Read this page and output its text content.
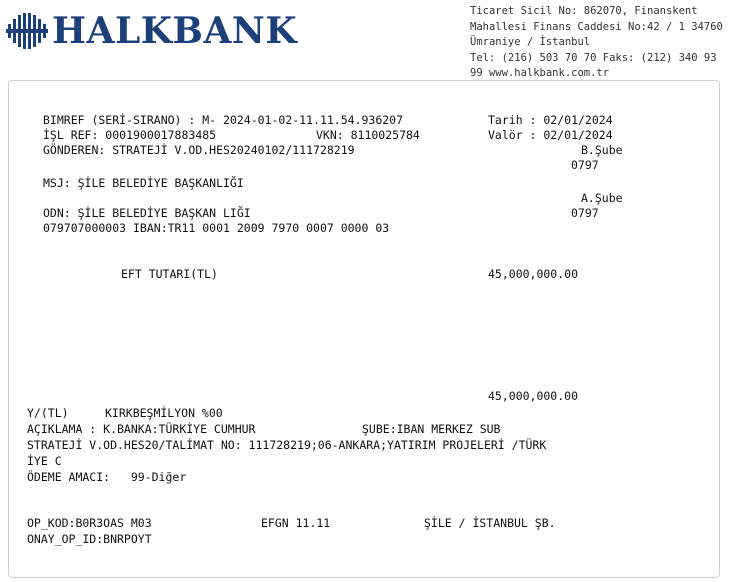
HALKBANK	Ticaret Sicil No: 862070, Finanskent
Mahallesi Finans Caddesi No:42 / 1 34760
Ümraniye / İstanbul
Tel: (216) 503 70 70 Faks: (212) 340 93
99 www.halkbank.com.tr
BIMREF (SERİ-SIRANO) : M- 2024-01-02-11.11.54.936207
İŞL REF: 0001900017883485	VKN: 8110025784
GÖNDEREN: STRATEJİ V.OD.HES20240102/111728219
Tarih : 02/01/2024
Valör : 02/01/2024
B.Şube
0797
MSJ: ŞİLE BELEDİYE BAŞKANLIĞI
A.Şube
0797
ODN: ŞİLE BELEDİYE BAŞKAN LIĞI
079707000003 IBAN:TR11 0001 2009 7970 0007 0000 03
EFT TUTARI(TL)	45,000,000.00
45,000,000.00
Y/(TL)	KIRKBEŞMİLYON %00
AÇIKLAMA : K.BANKA:TÜRKİYE CUMHUR	ŞUBE:IBAN MERKEZ SUB
STRATEJİ V.OD.HES20/TALİMAT NO: 111728219;06-ANKARA;YATIRIM PROJELERİ /TÜRK
İYE C
ÖDEME AMACI:   99-Diğer
OP_KOD:B0R3OAS M03	EFGN 11.11	ŞİLE / İSTANBUL ŞB.
ONAY_OP_ID:BNRPOYT
